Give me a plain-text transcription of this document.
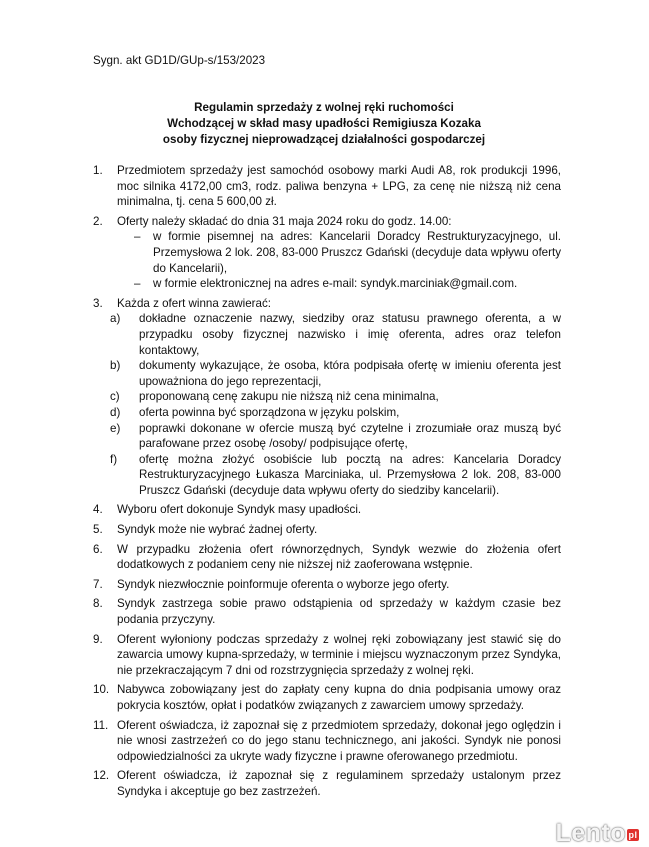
Sygn. akt GD1D/GUp-s/153/2023
Regulamin sprzedaży z wolnej ręki ruchomości
Wchodzącej w skład masy upadłości Remigiusza Kozaka
osoby fizycznej nieprowadzącej działalności gospodarczej
1. Przedmiotem sprzedaży jest samochód osobowy marki Audi A8, rok produkcji 1996, moc silnika 4172,00 cm3, rodz. paliwa benzyna + LPG, za cenę nie niższą niż cena minimalna, tj. cena 5 600,00 zł.
2. Oferty należy składać do dnia 31 maja 2024 roku do godz. 14.00:
– w formie pisemnej na adres: Kancelarii Doradcy Restrukturyzacyjnego, ul. Przemysłowa 2 lok. 208, 83-000 Pruszcz Gdański (decyduje data wpływu oferty do Kancelarii),
– w formie elektronicznej na adres e-mail: syndyk.marciniak@gmail.com.
3. Każda z ofert winna zawierać:
a) dokładne oznaczenie nazwy, siedziby oraz statusu prawnego oferenta, a w przypadku osoby fizycznej nazwisko i imię oferenta, adres oraz telefon kontaktowy,
b) dokumenty wykazujące, że osoba, która podpisała ofertę w imieniu oferenta jest upoważniona do jego reprezentacji,
c) proponowaną cenę zakupu nie niższą niż cena minimalna,
d) oferta powinna być sporządzona w języku polskim,
e) poprawki dokonane w ofercie muszą być czytelne i zrozumiałe oraz muszą być parafowane przez osobę /osoby/ podpisujące ofertę,
f) ofertę można złożyć osobiście lub pocztą na adres: Kancelaria Doradcy Restrukturyzacyjnego Łukasza Marciniaka, ul. Przemysłowa 2 lok. 208, 83-000 Pruszcz Gdański (decyduje data wpływu oferty do siedziby kancelarii).
4. Wyboru ofert dokonuje Syndyk masy upadłości.
5. Syndyk może nie wybrać żadnej oferty.
6. W przypadku złożenia ofert równorzędnych, Syndyk wezwie do złożenia ofert dodatkowych z podaniem ceny nie niższej niż zaoferowana wstępnie.
7. Syndyk niezwłocznie poinformuje oferenta o wyborze jego oferty.
8. Syndyk zastrzega sobie prawo odstąpienia od sprzedaży w każdym czasie bez podania przyczyny.
9. Oferent wyłoniony podczas sprzedaży z wolnej ręki zobowiązany jest stawić się do zawarcia umowy kupna-sprzedaży, w terminie i miejscu wyznaczonym przez Syndyka, nie przekraczającym 7 dni od rozstrzygnięcia sprzedaży z wolnej ręki.
10. Nabywca zobowiązany jest do zapłaty ceny kupna do dnia podpisania umowy oraz pokrycia kosztów, opłat i podatków związanych z zawarciem umowy sprzedaży.
11. Oferent oświadcza, iż zapoznał się z przedmiotem sprzedaży, dokonał jego oględzin i nie wnosi zastrzeżeń co do jego stanu technicznego, ani jakości. Syndyk nie ponosi odpowiedzialności za ukryte wady fizyczne i prawne oferowanego przedmiotu.
12. Oferent oświadcza, iż zapoznał się z regulaminem sprzedaży ustalonym przez Syndyka i akceptuje go bez zastrzeżeń.
Lento pl
